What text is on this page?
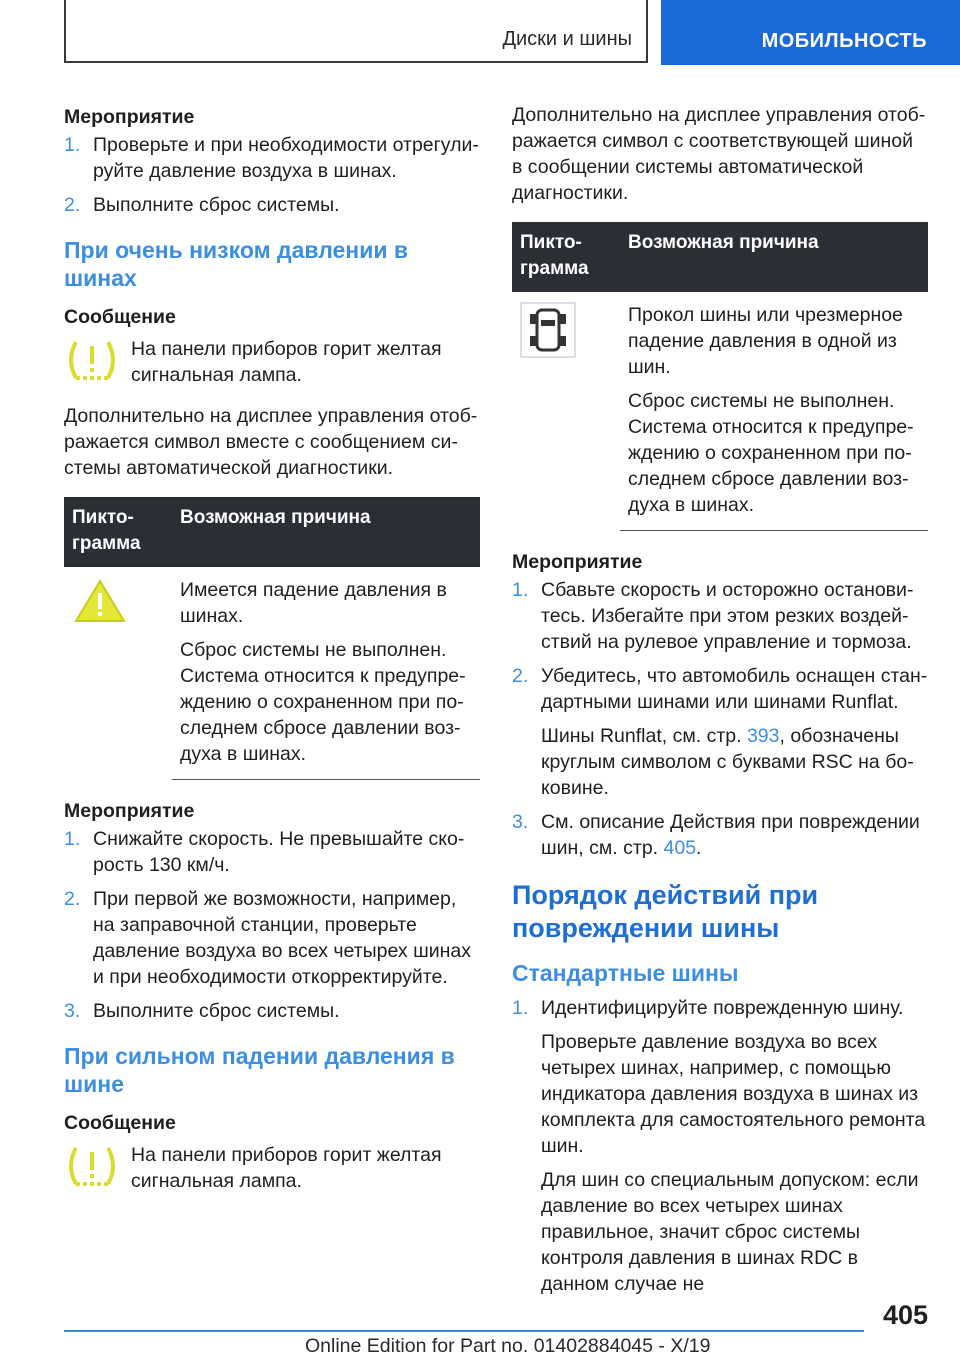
Диски и шины	МОБИЛЬНОСТЬ

Мероприятие

1. Проверьте и при необходимости отрегулируйте давление воздуха в шинах.
2. Выполните сброс системы.
При очень низком давлении в шинах

Сообщение

На панели приборов горит желтая сигнальная лампа.

Дополнительно на дисплее управления отображается символ вместе с сообщением системы автоматической диагностики.

Пиктограмма	Возможная причина

Имеется падение давления в шинах.

Сброс системы не выполнен. Система относится к предупреждению о сохраненном при последнем сбросе давлении воздуха в шинах.

Мероприятие

1. Снижайте скорость. Не превышайте скорость 130 км/ч.
2. При первой же возможности, например, на заправочной станции, проверьте давление воздуха во всех четырех шинах и при необходимости откорректируйте.
3. Выполните сброс системы.
При сильном падении давления в шине

Сообщение

На панели приборов горит желтая сигнальная лампа.

Дополнительно на дисплее управления отображается символ с соответствующей шиной в сообщении системы автоматической диагностики.

Пиктограмма	Возможная причина

Прокол шины или чрезмерное падение давления в одной из шин.

Сброс системы не выполнен. Система относится к предупреждению о сохраненном при последнем сбросе давлении воздуха в шинах.

Мероприятие

1. Сбавьте скорость и осторожно остановитесь. Избегайте при этом резких воздействий на рулевое управление и тормоза.
2. Убедитесь, что автомобиль оснащен стандартными шинами или шинами Runflat.
Шины Runflat, см. стр. 393, обозначены круглым символом с буквами RSC на боковине.
3. См. описание Действия при повреждении шин, см. стр. 405.
Порядок действий при повреждении шины
Стандартные шины
1. Идентифицируйте поврежденную шину.
Проверьте давление воздуха во всех четырех шинах, например, с помощью индикатора давления воздуха в шинах из комплекта для самостоятельного ремонта шин.
Для шин со специальным допуском: если давление во всех четырех шинах правильное, значит сброс системы контроля давления в шинах RDC в данном случае не
405
Online Edition for Part no. 01402884045 - X/19
